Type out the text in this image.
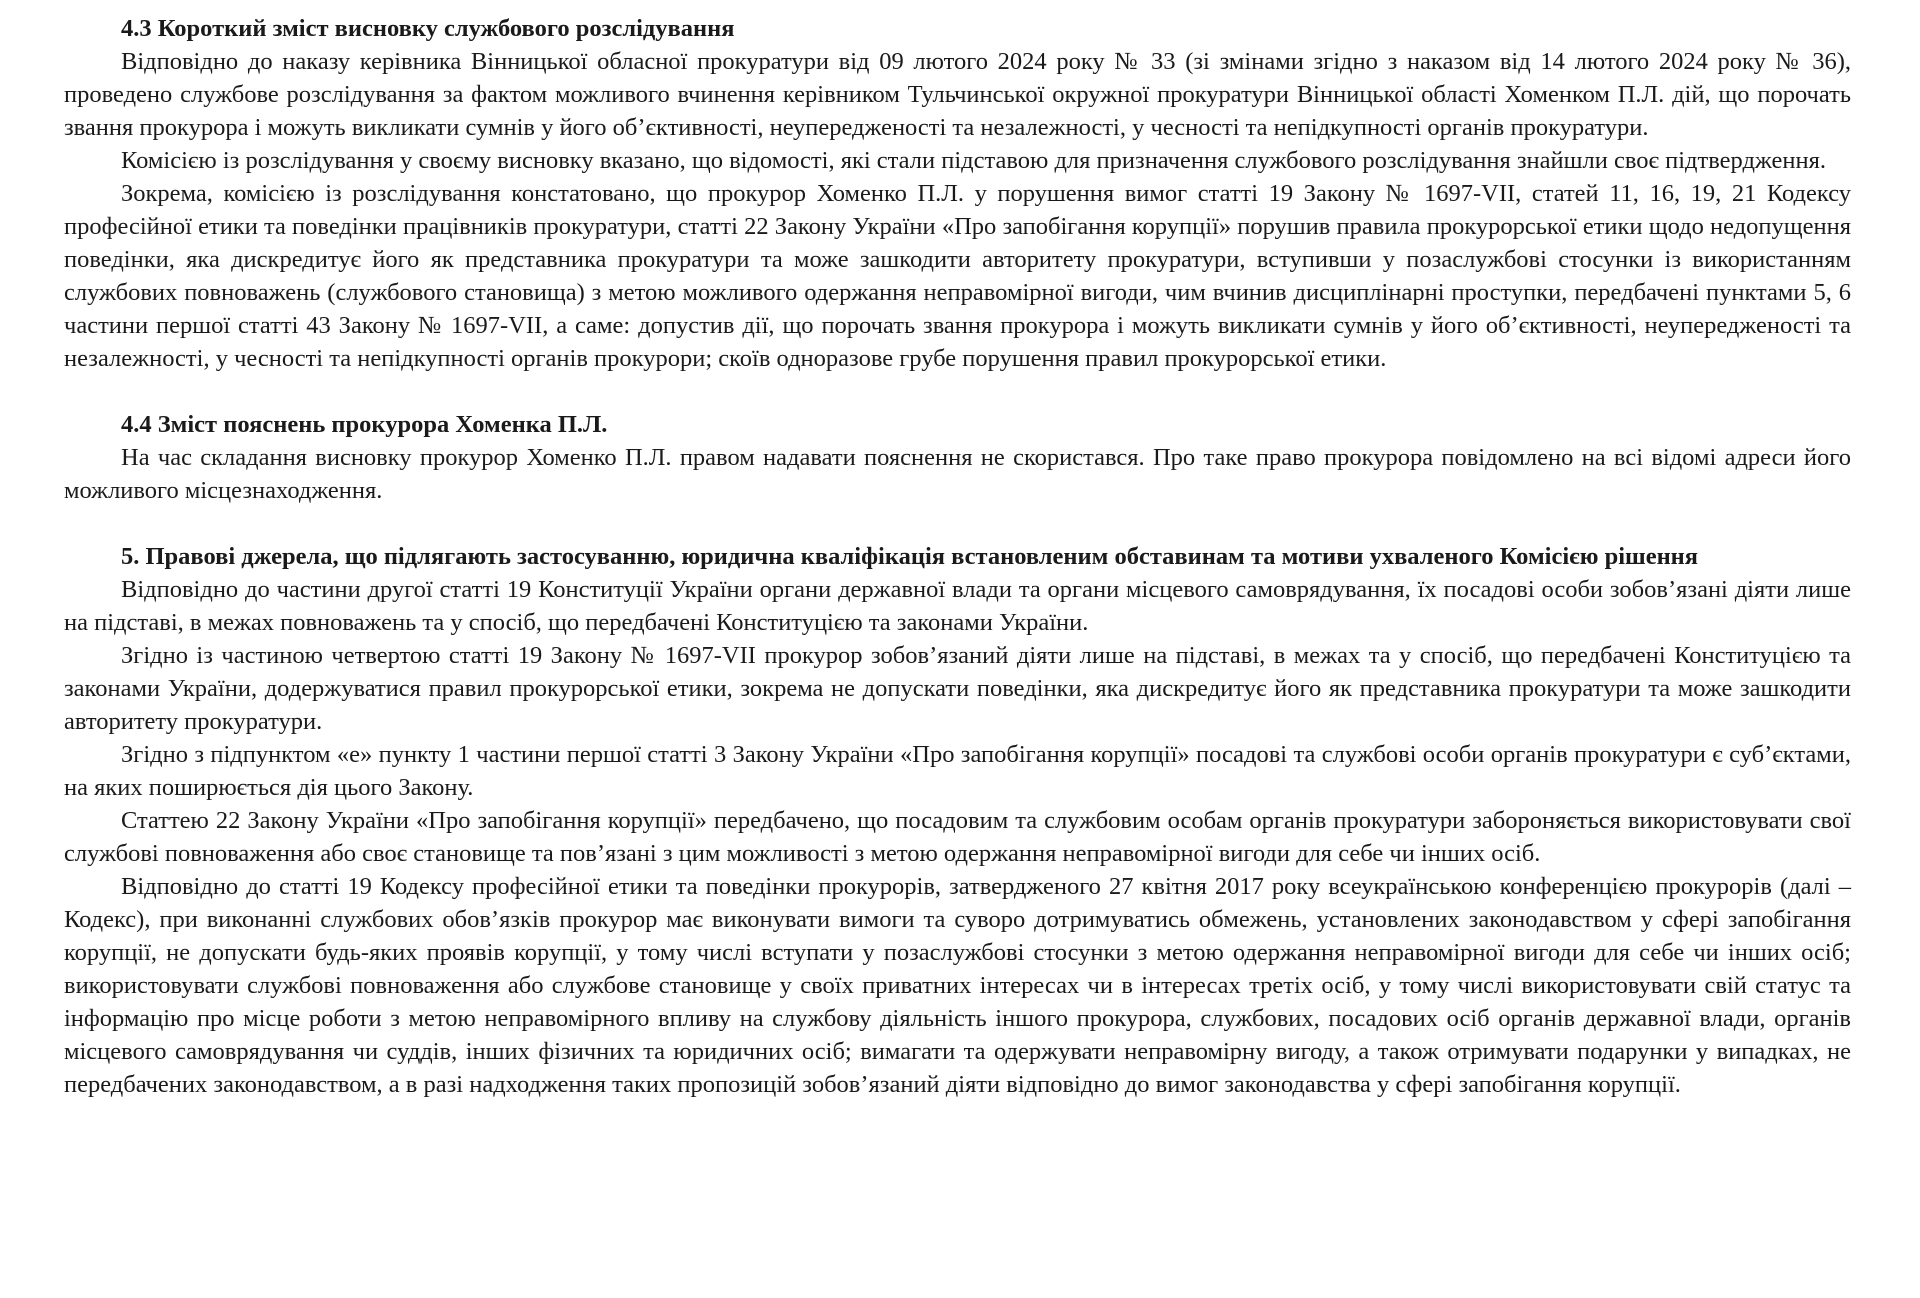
4.3 Короткий зміст висновку службового розслідування

Відповідно до наказу керівника Вінницької обласної прокуратури від 09 лютого 2024 року № 33 (зі змінами згідно з наказом від 14 лютого 2024 року № 36), проведено службове розслідування за фактом можливого вчинення керівником Тульчинської окружної прокуратури Вінницької області Хоменком П.Л. дій, що порочать звання прокурора і можуть викликати сумнів у його об’єктивності, неупередженості та незалежності, у чесності та непідкупності органів прокуратури.

Комісією із розслідування у своєму висновку вказано, що відомості, які стали підставою для призначення службового розслідування знайшли своє підтвердження.

Зокрема, комісією із розслідування констатовано, що прокурор Хоменко П.Л. у порушення вимог статті 19 Закону № 1697-VII, статей 11, 16, 19, 21 Кодексу професійної етики та поведінки працівників прокуратури, статті 22 Закону України «Про запобігання корупції» порушив правила прокурорської етики щодо недопущення поведінки, яка дискредитує його як представника прокуратури та може зашкодити авторитету прокуратури, вступивши у позаслужбові стосунки із використанням службових повноважень (службового становища) з метою можливого одержання неправомірної вигоди, чим вчинив дисциплінарні проступки, передбачені пунктами 5, 6 частини першої статті 43 Закону № 1697-VII, а саме: допустив дії, що порочать звання прокурора і можуть викликати сумнів у його об’єктивності, неупередженості та незалежності, у чесності та непідкупності органів прокурори; скоїв одноразове грубе порушення правил прокурорської етики.

4.4 Зміст пояснень прокурора Хоменка П.Л.

На час складання висновку прокурор Хоменко П.Л. правом надавати пояснення не скористався. Про таке право прокурора повідомлено на всі відомі адреси його можливого місцезнаходження.

5. Правові джерела, що підлягають застосуванню, юридична кваліфікація встановленим обставинам та мотиви ухваленого Комісією рішення

Відповідно до частини другої статті 19 Конституції України органи державної влади та органи місцевого самоврядування, їх посадові особи зобов’язані діяти лише на підставі, в межах повноважень та у спосіб, що передбачені Конституцією та законами України.

Згідно із частиною четвертою статті 19 Закону № 1697-VII прокурор зобов’язаний діяти лише на підставі, в межах та у спосіб, що передбачені Конституцією та законами України, додержуватися правил прокурорської етики, зокрема не допускати поведінки, яка дискредитує його як представника прокуратури та може зашкодити авторитету прокуратури.

Згідно з підпунктом «е» пункту 1 частини першої статті 3 Закону України «Про запобігання корупції» посадові та службові особи органів прокуратури є суб’єктами, на яких поширюється дія цього Закону.

Статтею 22 Закону України «Про запобігання корупції» передбачено, що посадовим та службовим особам органів прокуратури забороняється використовувати свої службові повноваження або своє становище та пов’язані з цим можливості з метою одержання неправомірної вигоди для себе чи інших осіб.

Відповідно до статті 19 Кодексу професійної етики та поведінки прокурорів, затвердженого 27 квітня 2017 року всеукраїнською конференцією прокурорів (далі – Кодекс), при виконанні службових обов’язків прокурор має виконувати вимоги та суворо дотримуватись обмежень, установлених законодавством у сфері запобігання корупції, не допускати будь-яких проявів корупції, у тому числі вступати у позаслужбові стосунки з метою одержання неправомірної вигоди для себе чи інших осіб; використовувати службові повноваження або службове становище у своїх приватних інтересах чи в інтересах третіх осіб, у тому числі використовувати свій статус та інформацію про місце роботи з метою неправомірного впливу на службову діяльність іншого прокурора, службових, посадових осіб органів державної влади, органів місцевого самоврядування чи суддів, інших фізичних та юридичних осіб; вимагати та одержувати неправомірну вигоду, а також отримувати подарунки у випадках, не передбачених законодавством, а в разі надходження таких пропозицій зобов’язаний діяти відповідно до вимог законодавства у сфері запобігання корупції.
